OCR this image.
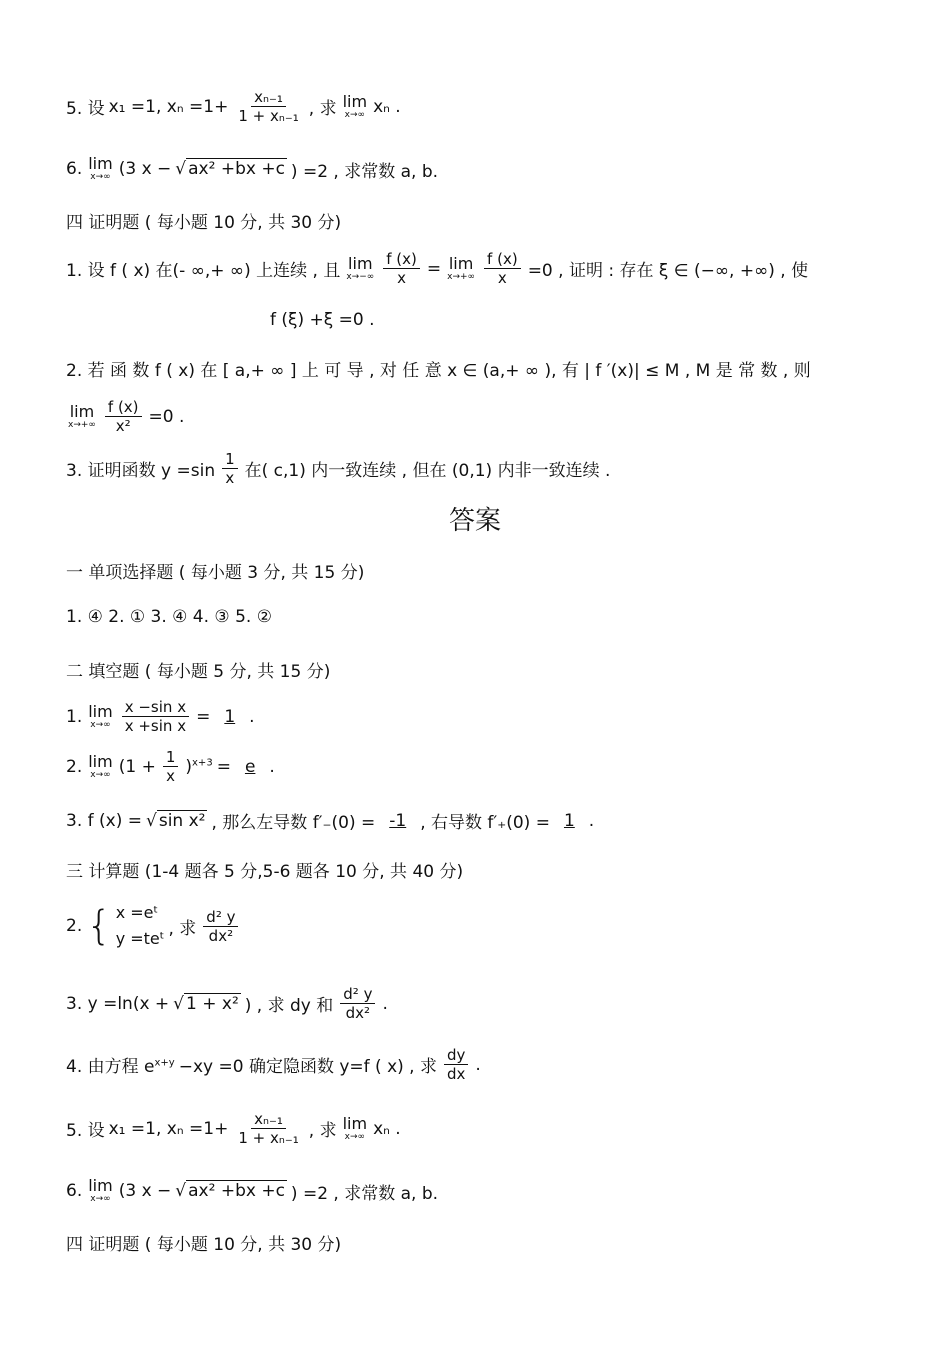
5. 设 x₁ =1, $x_n =1+ \frac{\text{xₙ₋₁}}{\text{1 + xₙ₋₁}}$ , 求 lim
x→∞ xₙ .
6. lim
x→∞ (3 x − √ ax² +bx +c ) =2 , 求常数 a, b.
四 证明题 ( 每小题 10 分, 共 30 分)
1. 设 f ( x) 在(- ∞,+ ∞) 上连续 , 且 lim
$x\to-\infty \frac{f (x)}{x} = \lim$
$x\to+\infty \frac{f (x)}{x} =0$ , 证明 : 存在 ξ ∈ (−∞, +∞) , 使
f (ξ) +ξ =0 .
2. 若 函 数 f ( x) 在 [ a,+ ∞ ] 上 可 导 , 对 任 意 x ∈ (a,+ ∞ ), 有 | f ′(x)| ≤ M , M 是 常 数 , 则
lim
$x\to+\infty \frac{f (x)}{\text{x²}} =0$ .
3. 证明函数 y =sin
1
x 在( c,1) 内一致连续 , 但在 (0,1) 内非一致连续 .
答案
一 单项选择题 ( 每小题 3 分, 共 15 分)
1. ④ 2. ① 3. ④ 4. ③ 5. ②
二 填空题 ( 每小题 5 分, 共 15 分)
1. lim
$x\to\infty \frac{\text{x −sin x}}{\text{x +sin x}} = 1$ .
2. lim
x→∞ $(1 + \frac{1}{x} )^{x+3} = e$ .
3. f (x) = √ sin x² , 那么左导数 f′₋(0) = -1 , 右导数 f′₊(0) = 1 .
三 计算题 (1-4 题各 5 分,5-6 题各 10 分, 共 40 分)
2. { x =eᵗ
y =teᵗ , 求
d² y
dx²
3. y =ln(x + √ 1 + x² ) , 求 dy 和
d² y
dx² .
4. 由方程 $e^{x+y} -xy =0$ 确定隐函数 y=f ( x) , 求
dy
dx .
5. 设 x₁ =1, $x_n =1+ \frac{\text{xₙ₋₁}}{\text{1 + xₙ₋₁}}$ , 求 lim
x→∞ xₙ .
6. lim
x→∞ (3 x − √ ax² +bx +c ) =2 , 求常数 a, b.
四 证明题 ( 每小题 10 分, 共 30 分)
